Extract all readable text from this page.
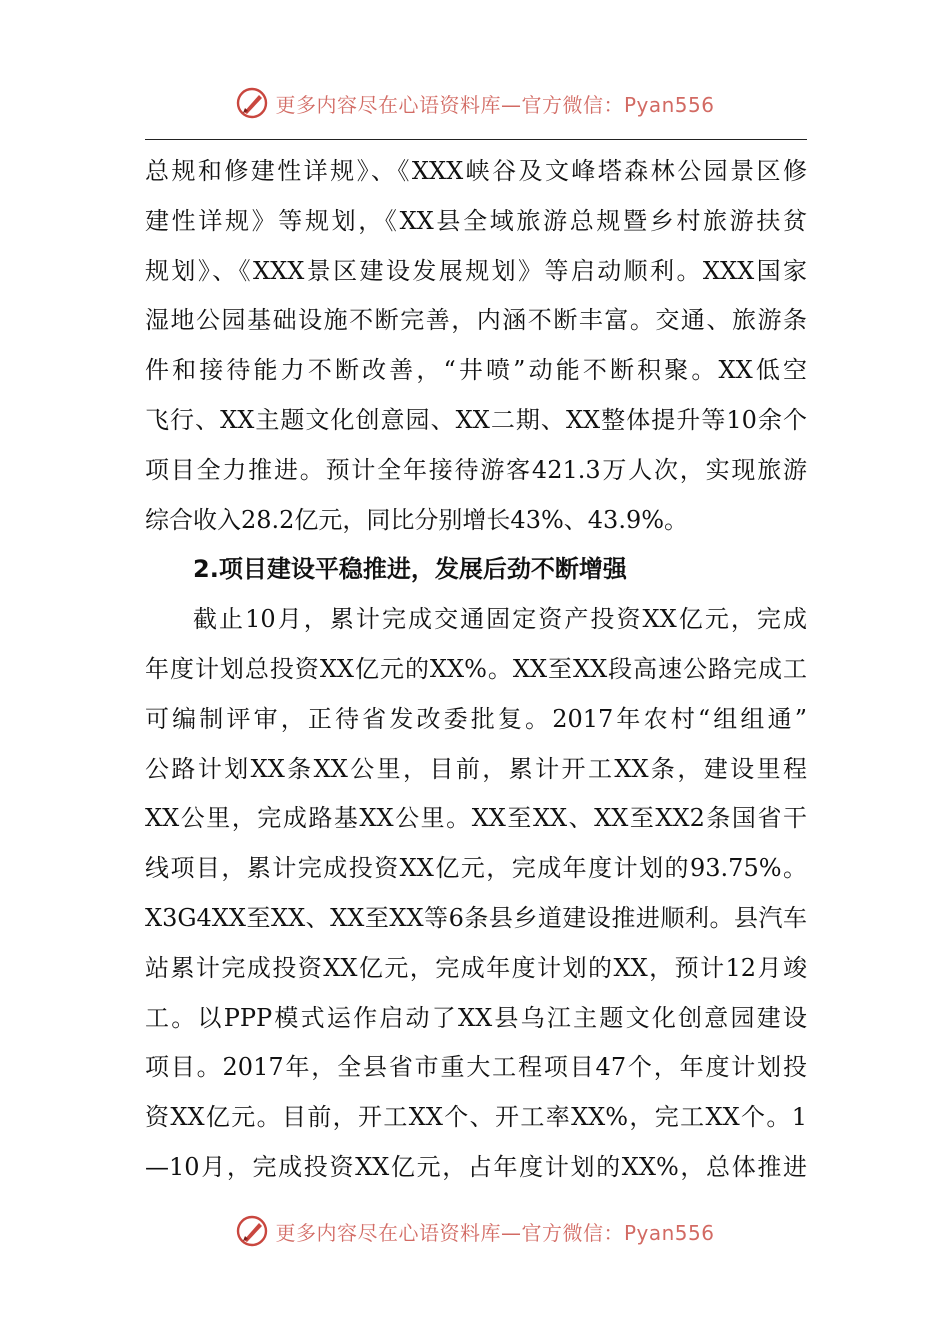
更多内容尽在心语资料库—官方微信：Pyan556
总规和修建性详规》、《XXX峡谷及文峰塔森林公园景区修
建性详规》等规划，《XX县全域旅游总规暨乡村旅游扶贫
规划》、《XXX景区建设发展规划》等启动顺利。XXX国家
湿地公园基础设施不断完善，内涵不断丰富。交通、旅游条
件和接待能力不断改善，“井喷”动能不断积聚。XX低空
飞行、XX主题文化创意园、XX二期、XX整体提升等10余个
项目全力推进。预计全年接待游客421.3万人次，实现旅游
综合收入28.2亿元，同比分别增长43%、43.9%。
2.项目建设平稳推进，发展后劲不断增强
截止10月，累计完成交通固定资产投资XX亿元，完成
年度计划总投资XX亿元的XX%。XX至XX段高速公路完成工
可编制评审，正待省发改委批复。2017年农村“组组通”
公路计划XX条XX公里，目前，累计开工XX条，建设里程
XX公里，完成路基XX公里。XX至XX、XX至XX2条国省干
线项目，累计完成投资XX亿元，完成年度计划的93.75%。
X3G4XX至XX、XX至XX等6条县乡道建设推进顺利。县汽车
站累计完成投资XX亿元，完成年度计划的XX，预计12月竣
工。以PPP模式运作启动了XX县乌江主题文化创意园建设
项目。2017年，全县省市重大工程项目47个，年度计划投
资XX亿元。目前，开工XX个、开工率XX%，完工XX个。1
—10月，完成投资XX亿元，占年度计划的XX%，总体推进
更多内容尽在心语资料库—官方微信：Pyan556
